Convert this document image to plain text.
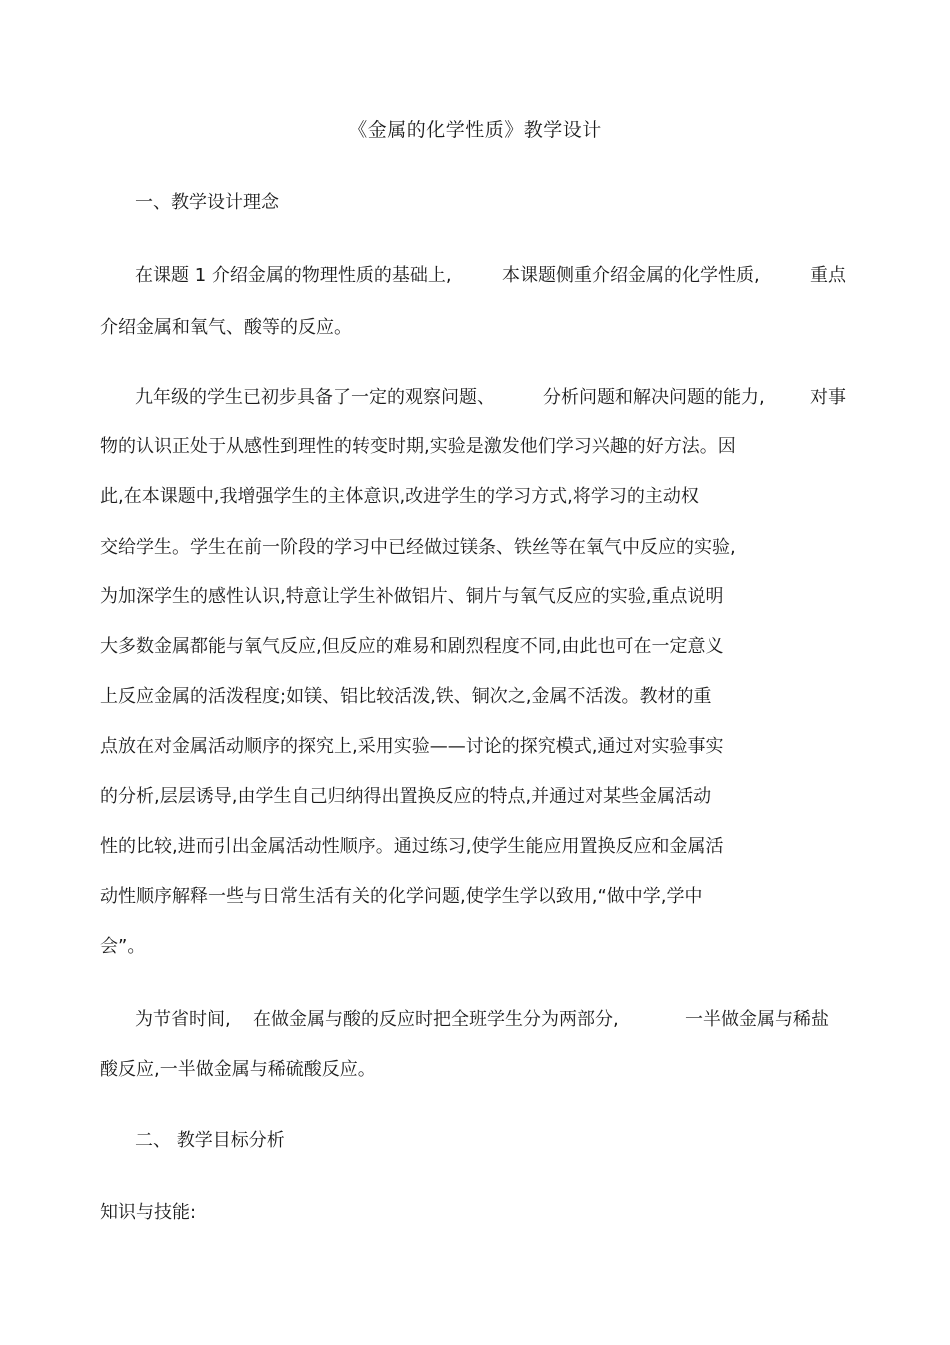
《金属的化学性质》教学设计
一、教学设计理念
在课题 1 介绍金属的物理性质的基础上,	本课题侧重介绍金属的化学性质,	重点
介绍金属和氧气、酸等的反应。
九年级的学生已初步具备了一定的观察问题、	分析问题和解决问题的能力,	对事
物的认识正处于从感性到理性的转变时期,实验是激发他们学习兴趣的好方法。因
此,在本课题中,我增强学生的主体意识,改进学生的学习方式,将学习的主动权
交给学生。学生在前一阶段的学习中已经做过镁条、铁丝等在氧气中反应的实验,
为加深学生的感性认识,特意让学生补做铝片、铜片与氧气反应的实验,重点说明
大多数金属都能与氧气反应,但反应的难易和剧烈程度不同,由此也可在一定意义
上反应金属的活泼程度;如镁、铝比较活泼,铁、铜次之,金属不活泼。教材的重
点放在对金属活动顺序的探究上,采用实验——讨论的探究模式,通过对实验事实
的分析,层层诱导,由学生自己归纳得出置换反应的特点,并通过对某些金属活动
性的比较,进而引出金属活动性顺序。通过练习,使学生能应用置换反应和金属活
动性顺序解释一些与日常生活有关的化学问题,使学生学以致用,“做中学,学中
会”。
为节省时间, 在做金属与酸的反应时把全班学生分为两部分,	一半做金属与稀盐
酸反应,一半做金属与稀硫酸反应。
二、 教学目标分析
知识与技能:
